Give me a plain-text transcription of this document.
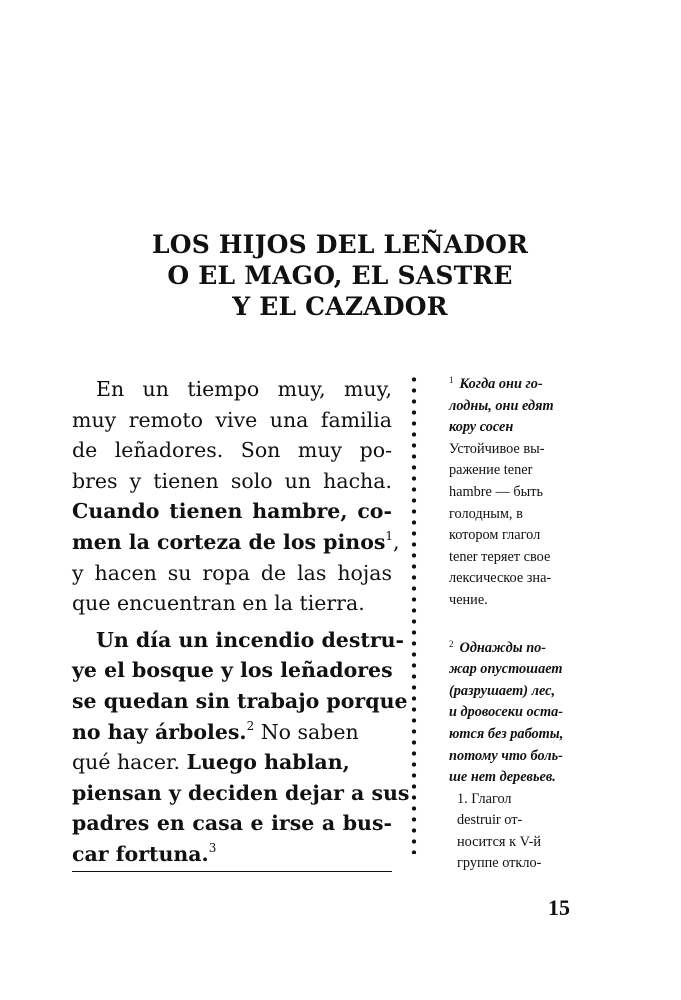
LOS HIJOS DEL LEÑADOR
O EL MAGO, EL SASTRE
Y EL CAZADOR
En un tiempo muy, muy,
muy remoto vive una familia
de leñadores. Son muy po-
bres y tienen solo un hacha.
Cuando tienen hambre, co-
men la corteza de los pinos$^1$,
y hacen su ropa de las hojas
que encuentran en la tierra.
Un día un incendio destru-
ye el bosque y los leñadores
se quedan sin trabajo porque
no hay árboles.$^2$ No saben
qué hacer. Luego hablan,
piensan y deciden dejar a sus
padres en casa e irse a bus-
car fortuna.$^3$
$^1$ Когда они го-
лодны, они едят
кору сосен
Устойчивое вы-
ражение tener
hambre — быть
голодным, в
котором глагол
tener теряет свое
лексическое зна-
чение.
$^2$ Однажды по-
жар опустошает
(разрушает) лес,
и дровосеки оста-
ются без работы,
потому что боль-
ше нет деревьев.
1. Глагол
destruir от-
носится к V-й
группе откло-
15
